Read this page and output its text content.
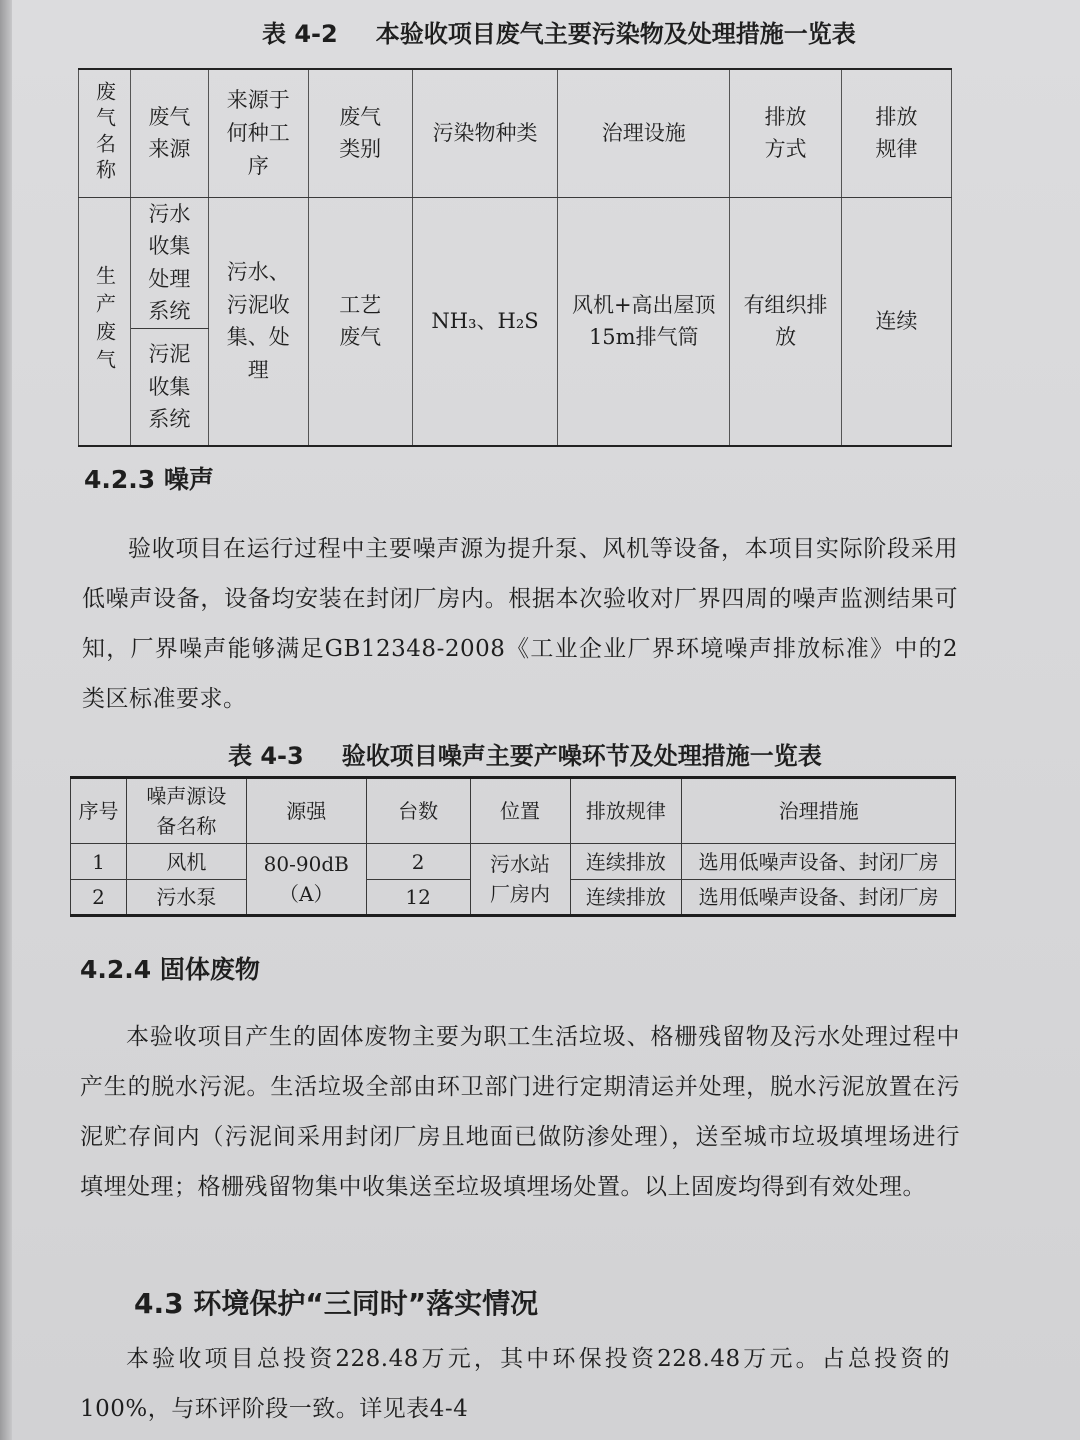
表 4-2 本验收项目废气主要污染物及处理措施一览表
废气名称	废气来源	来源于何种工序	废气类别	污染物种类	治理设施	排放方式	排放规律
生产废气	污水收集处理系统	污水、污泥收集、处理	工艺废气	NH₃、H₂S	风机+高出屋顶15m排气筒	有组织排放	连续
	污泥收集系统						
4.2.3 噪声

验收项目在运行过程中主要噪声源为提升泵、风机等设备，本项目实际阶段采用低噪声设备，设备均安装在封闭厂房内。根据本次验收对厂界四周的噪声监测结果可知，厂界噪声能够满足GB12348-2008《工业企业厂界环境噪声排放标准》中的2类区标准要求。

表 4-3 验收项目噪声主要产噪环节及处理措施一览表
序号	噪声源设备名称	源强	台数	位置	排放规律	治理措施
1	风机	80-90dB（A）	2	污水站厂房内	连续排放	选用低噪声设备、封闭厂房
2	污水泵		12		连续排放	选用低噪声设备、封闭厂房
4.2.4 固体废物

本验收项目产生的固体废物主要为职工生活垃圾、格栅残留物及污水处理过程中产生的脱水污泥。生活垃圾全部由环卫部门进行定期清运并处理，脱水污泥放置在污泥贮存间内（污泥间采用封闭厂房且地面已做防渗处理），送至城市垃圾填埋场进行填埋处理；格栅残留物集中收集送至垃圾填埋场处置。以上固废均得到有效处理。

4.3 环境保护“三同时”落实情况

本验收项目总投资228.48万元，其中环保投资228.48万元。占总投资的100%，与环评阶段一致。详见表4-4
